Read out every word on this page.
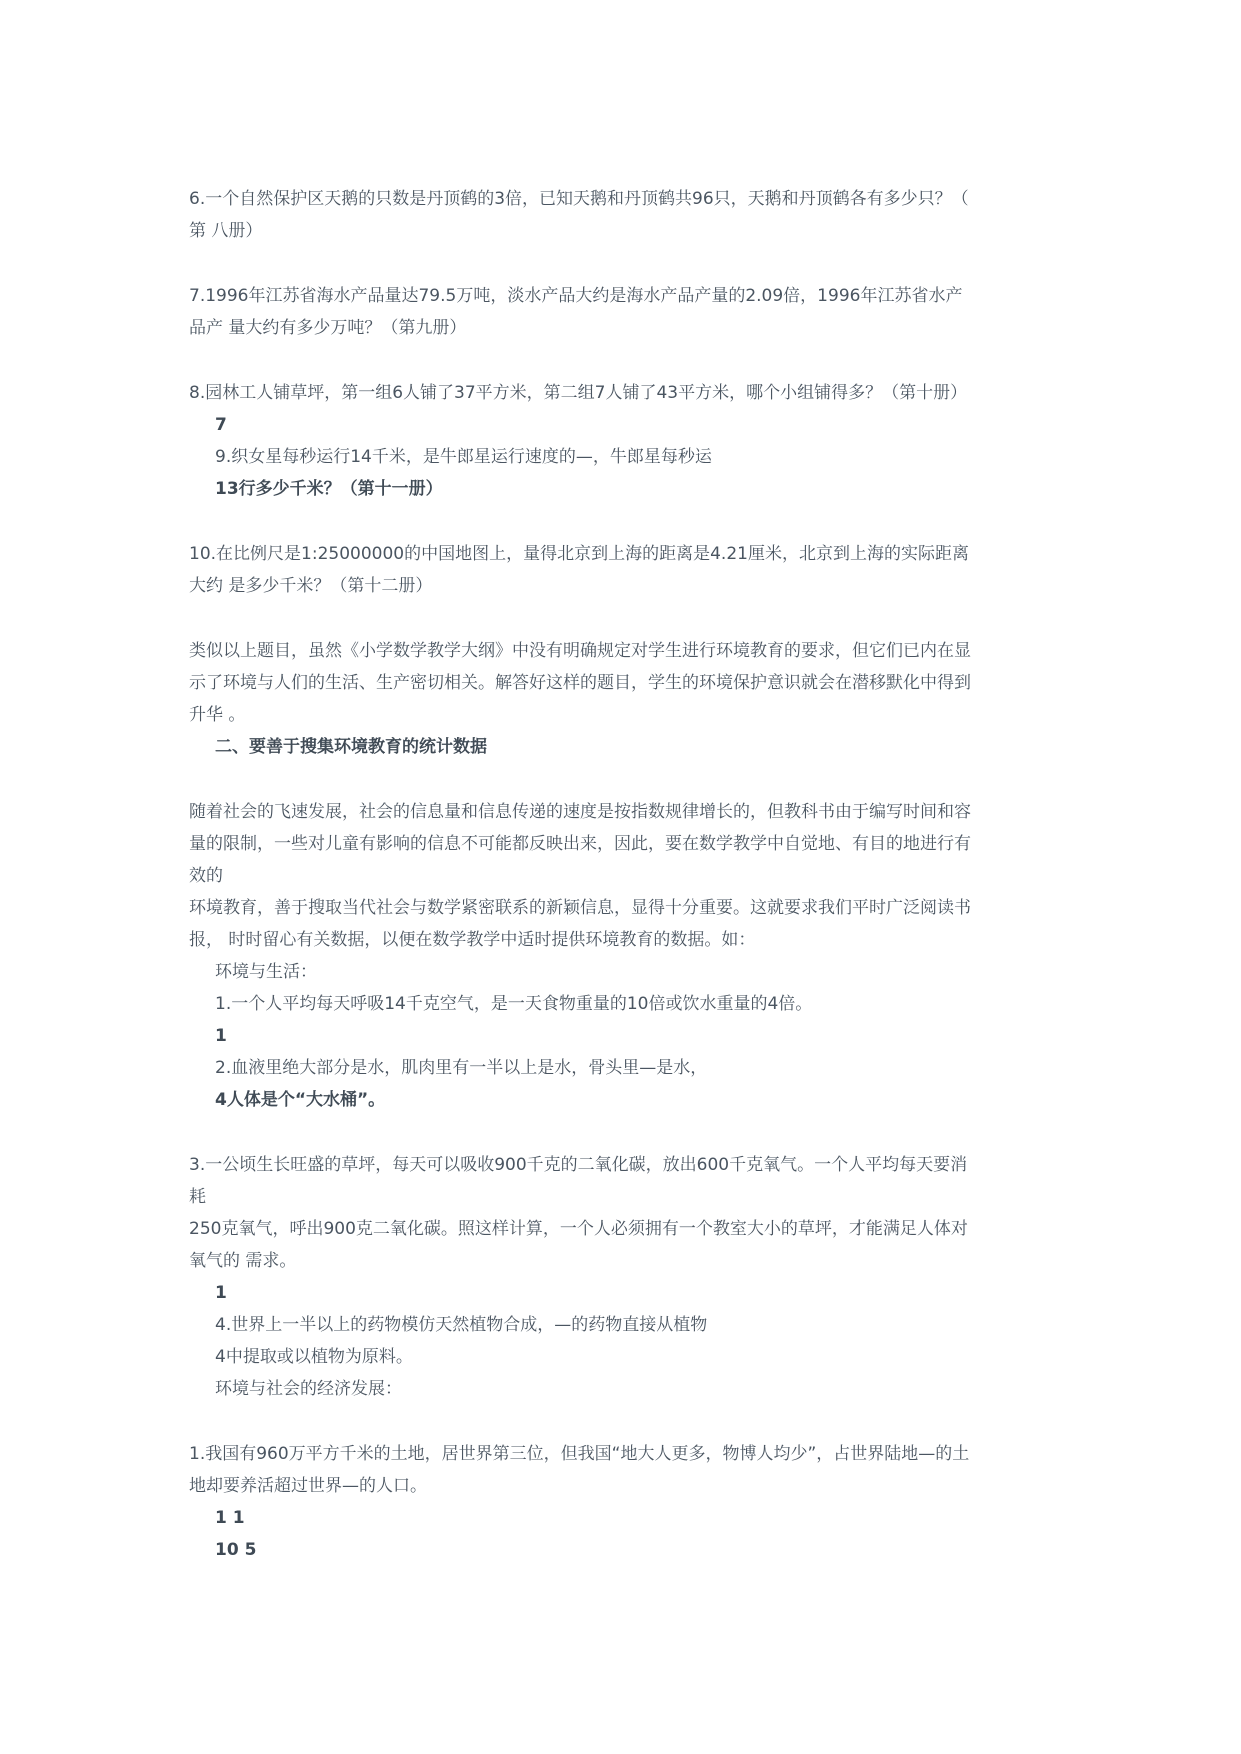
6.一个自然保护区天鹅的只数是丹顶鹤的3倍，已知天鹅和丹顶鹤共96只，天鹅和丹顶鹤各有多少只？（
第 八册）
7.1996年江苏省海水产品量达79.5万吨，淡水产品大约是海水产品产量的2.09倍，1996年江苏省水产
品产 量大约有多少万吨？（第九册）
8.园林工人铺草坪，第一组6人铺了37平方米，第二组7人铺了43平方米，哪个小组铺得多？（第十册）
7
9.织女星每秒运行14千米，是牛郎星运行速度的—，牛郎星每秒运
13行多少千米？（第十一册）
10.在比例尺是1:25000000的中国地图上，量得北京到上海的距离是4.21厘米，北京到上海的实际距离
大约 是多少千米？（第十二册）
类似以上题目，虽然《小学数学教学大纲》中没有明确规定对学生进行环境教育的要求，但它们已内在显
示了环境与人们的生活、生产密切相关。解答好这样的题目，学生的环境保护意识就会在潜移默化中得到
升华 。
二、要善于搜集环境教育的统计数据
随着社会的飞速发展，社会的信息量和信息传递的速度是按指数规律增长的，但教科书由于编写时间和容
量的限制，一些对儿童有影响的信息不可能都反映出来，因此，要在数学教学中自觉地、有目的地进行有
效的
环境教育，善于搜取当代社会与数学紧密联系的新颖信息，显得十分重要。这就要求我们平时广泛阅读书
报， 时时留心有关数据，以便在数学教学中适时提供环境教育的数据。如：
环境与生活：
1.一个人平均每天呼吸14千克空气，是一天食物重量的10倍或饮水重量的4倍。
1
2.血液里绝大部分是水，肌肉里有一半以上是水，骨头里—是水，
4人体是个“大水桶”。
3.一公顷生长旺盛的草坪，每天可以吸收900千克的二氧化碳，放出600千克氧气。一个人平均每天要消
耗
250克氧气，呼出900克二氧化碳。照这样计算，一个人必须拥有一个教室大小的草坪，才能满足人体对
氧气的 需求。
1
4.世界上一半以上的药物模仿天然植物合成，—的药物直接从植物
4中提取或以植物为原料。
环境与社会的经济发展：
1.我国有960万平方千米的土地，居世界第三位，但我国“地大人更多，物博人均少”，占世界陆地—的土
地却要养活超过世界—的人口。
1 1
10 5
